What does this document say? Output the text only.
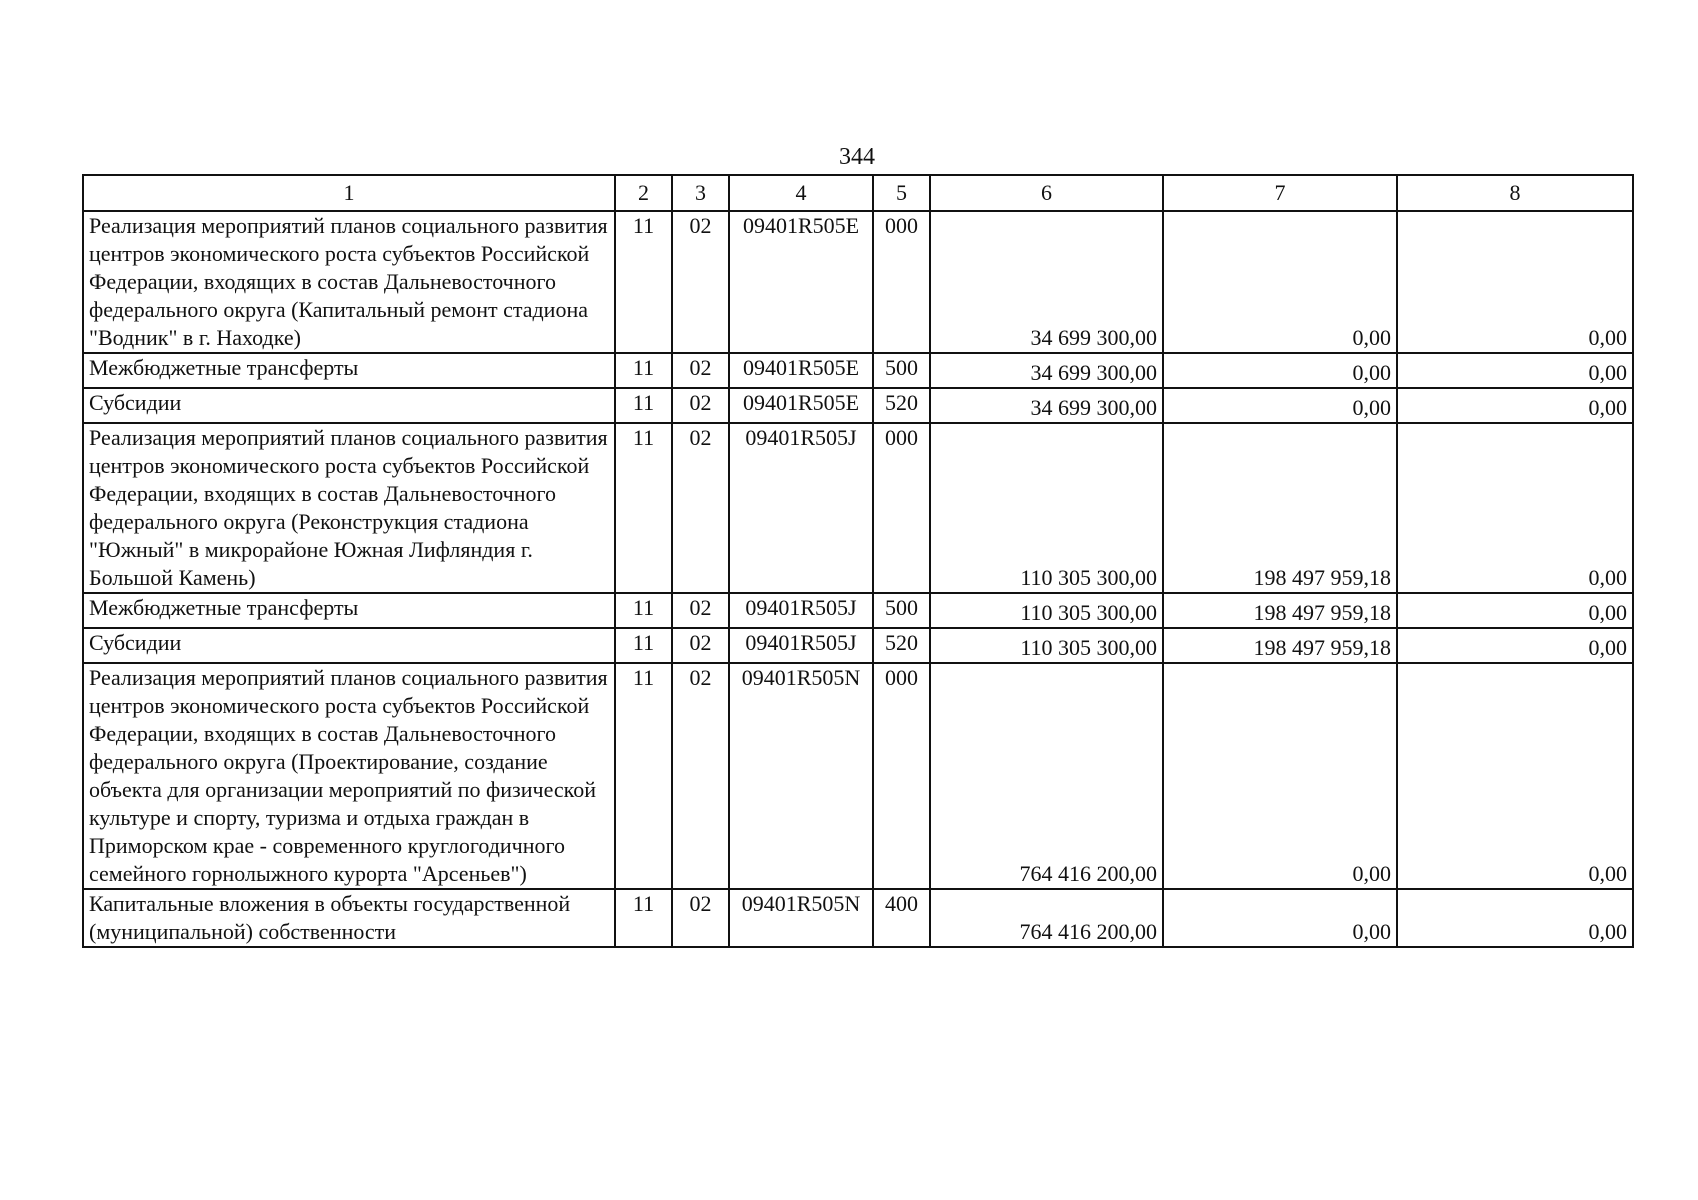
344
1	2	3	4	5	6	7	8
Реализация мероприятий планов социального развития центров экономического роста субъектов Российской Федерации, входящих в состав Дальневосточного федерального округа (Капитальный ремонт стадиона "Водник" в г. Находке)	11	02	09401R505E	000	34 699 300,00	0,00	0,00
Межбюджетные трансферты	11	02	09401R505E	500	34 699 300,00	0,00	0,00
Субсидии	11	02	09401R505E	520	34 699 300,00	0,00	0,00
Реализация мероприятий планов социального развития центров экономического роста субъектов Российской Федерации, входящих в состав Дальневосточного федерального округа (Реконструкция стадиона "Южный" в микрорайоне Южная Лифляндия г. Большой Камень)	11	02	09401R505J	000	110 305 300,00	198 497 959,18	0,00
Межбюджетные трансферты	11	02	09401R505J	500	110 305 300,00	198 497 959,18	0,00
Субсидии	11	02	09401R505J	520	110 305 300,00	198 497 959,18	0,00
Реализация мероприятий планов социального развития центров экономического роста субъектов Российской Федерации, входящих в состав Дальневосточного федерального округа (Проектирование, создание объекта для организации мероприятий по физической культуре и спорту, туризма и отдыха граждан в Приморском крае - современного круглогодичного семейного горнолыжного курорта "Арсеньев")	11	02	09401R505N	000	764 416 200,00	0,00	0,00
Капитальные вложения в объекты государственной (муниципальной) собственности	11	02	09401R505N	400	764 416 200,00	0,00	0,00
